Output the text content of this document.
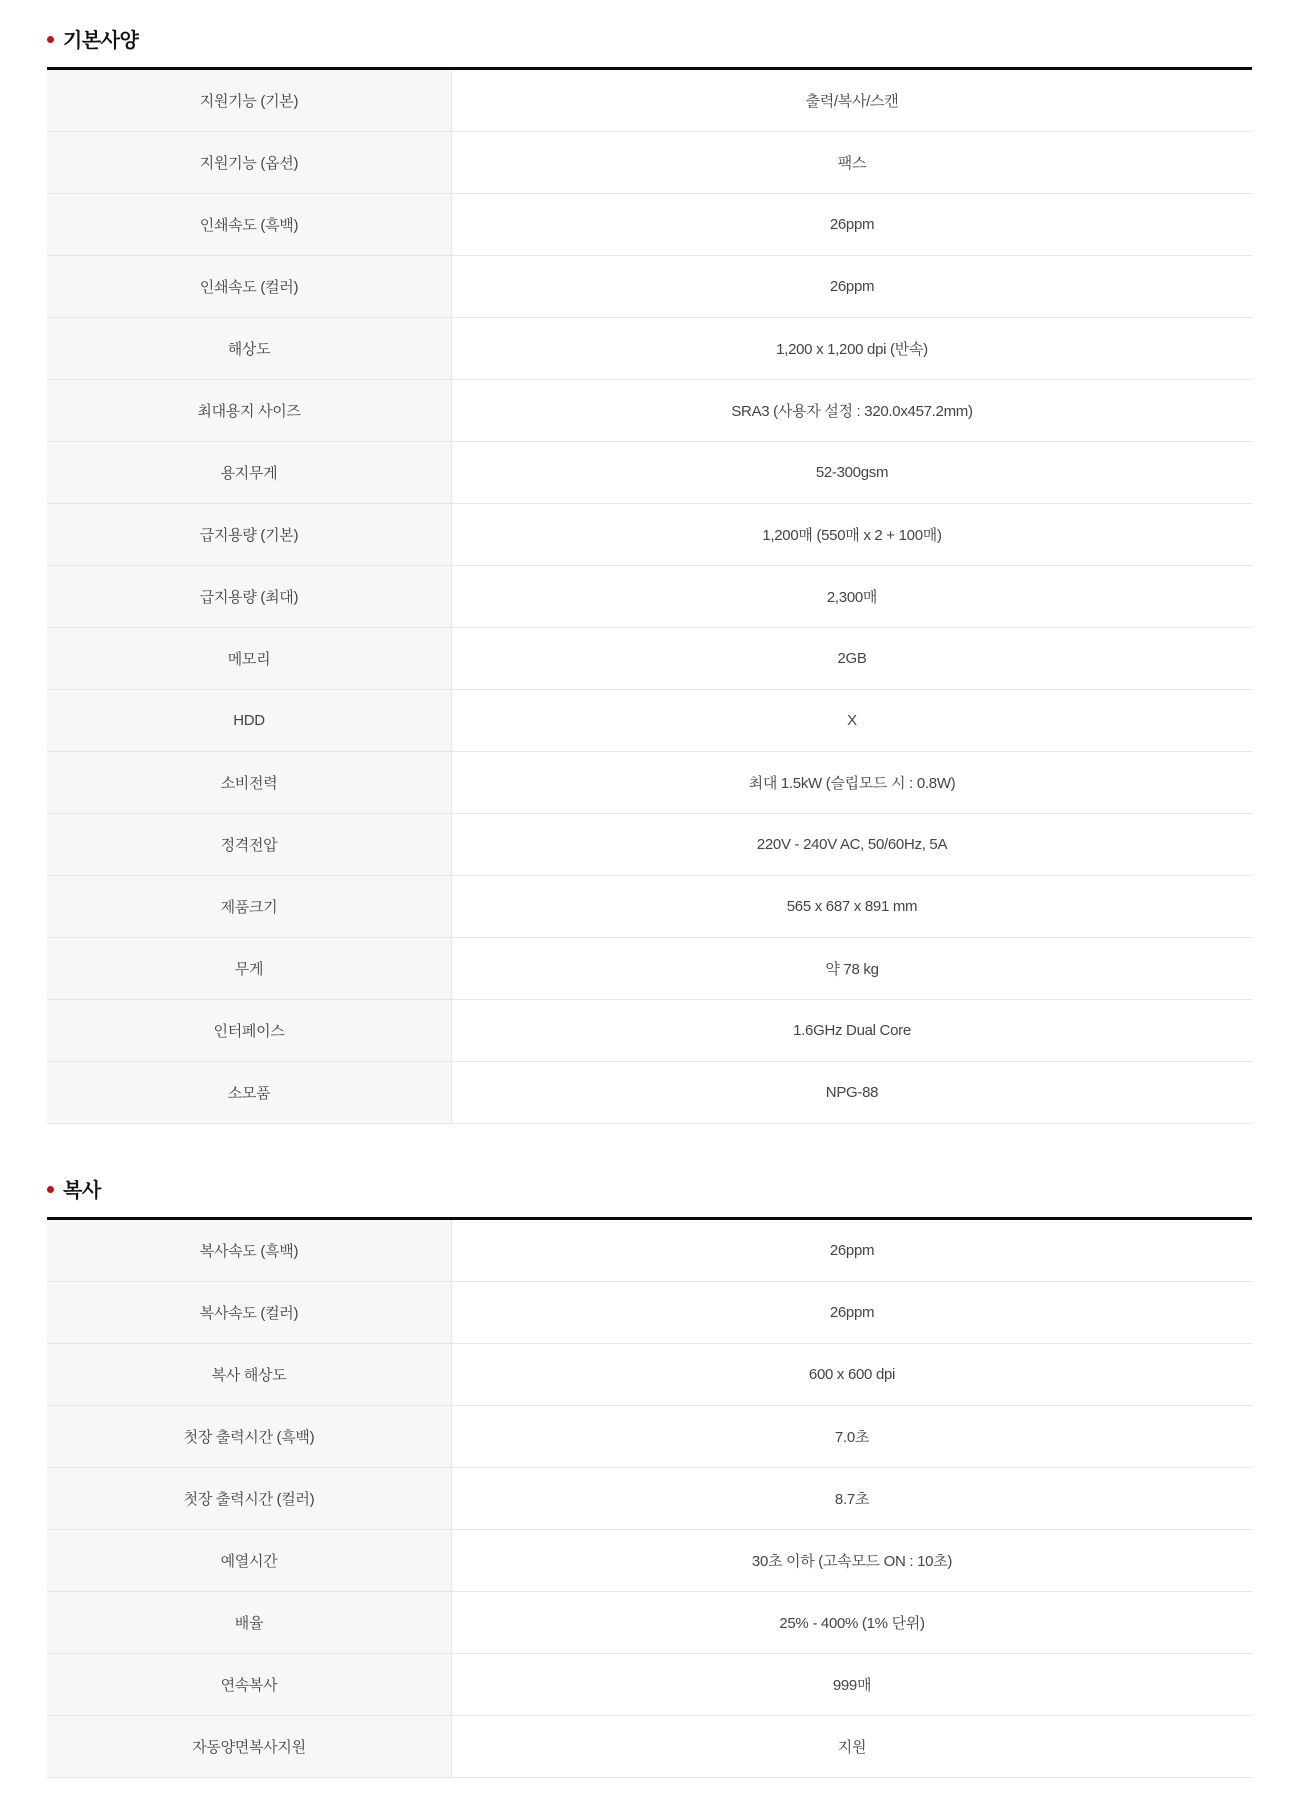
기본사양
지원기능 (기본)	출력/복사/스캔
지원기능 (옵션)	팩스
인쇄속도 (흑백)	26ppm
인쇄속도 (컬러)	26ppm
해상도	1,200 x 1,200 dpi (반속)
최대용지 사이즈	SRA3 (사용자 설정 : 320.0x457.2mm)
용지무게	52-300gsm
급지용량 (기본)	1,200매 (550매 x 2 + 100매)
급지용량 (최대)	2,300매
메모리	2GB
HDD	X
소비전력	최대 1.5kW (슬립모드 시 : 0.8W)
정격전압	220V - 240V AC, 50/60Hz, 5A
제품크기	565 x 687 x 891 mm
무게	약 78 kg
인터페이스	1.6GHz Dual Core
소모품	NPG-88
복사
복사속도 (흑백)	26ppm
복사속도 (컬러)	26ppm
복사 해상도	600 x 600 dpi
첫장 출력시간 (흑백)	7.0초
첫장 출력시간 (컬러)	8.7초
예열시간	30초 이하 (고속모드 ON : 10초)
배율	25% - 400% (1% 단위)
연속복사	999매
자동양면복사지원	지원
